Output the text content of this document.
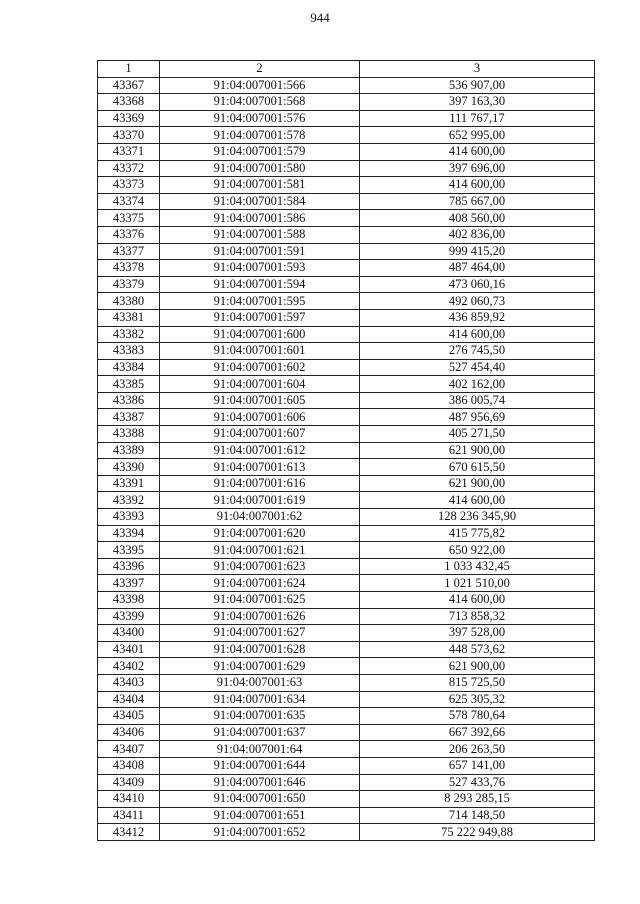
944
1	2	3
43367	91:04:007001:566	536 907,00
43368	91:04:007001:568	397 163,30
43369	91:04:007001:576	111 767,17
43370	91:04:007001:578	652 995,00
43371	91:04:007001:579	414 600,00
43372	91:04:007001:580	397 696,00
43373	91:04:007001:581	414 600,00
43374	91:04:007001:584	785 667,00
43375	91:04:007001:586	408 560,00
43376	91:04:007001:588	402 836,00
43377	91:04:007001:591	999 415,20
43378	91:04:007001:593	487 464,00
43379	91:04:007001:594	473 060,16
43380	91:04:007001:595	492 060,73
43381	91:04:007001:597	436 859,92
43382	91:04:007001:600	414 600,00
43383	91:04:007001:601	276 745,50
43384	91:04:007001:602	527 454,40
43385	91:04:007001:604	402 162,00
43386	91:04:007001:605	386 005,74
43387	91:04:007001:606	487 956,69
43388	91:04:007001:607	405 271,50
43389	91:04:007001:612	621 900,00
43390	91:04:007001:613	670 615,50
43391	91:04:007001:616	621 900,00
43392	91:04:007001:619	414 600,00
43393	91:04:007001:62	128 236 345,90
43394	91:04:007001:620	415 775,82
43395	91:04:007001:621	650 922,00
43396	91:04:007001:623	1 033 432,45
43397	91:04:007001:624	1 021 510,00
43398	91:04:007001:625	414 600,00
43399	91:04:007001:626	713 858,32
43400	91:04:007001:627	397 528,00
43401	91:04:007001:628	448 573,62
43402	91:04:007001:629	621 900,00
43403	91:04:007001:63	815 725,50
43404	91:04:007001:634	625 305,32
43405	91:04:007001:635	578 780,64
43406	91:04:007001:637	667 392,66
43407	91:04:007001:64	206 263,50
43408	91:04:007001:644	657 141,00
43409	91:04:007001:646	527 433,76
43410	91:04:007001:650	8 293 285,15
43411	91:04:007001:651	714 148,50
43412	91:04:007001:652	75 222 949,88
